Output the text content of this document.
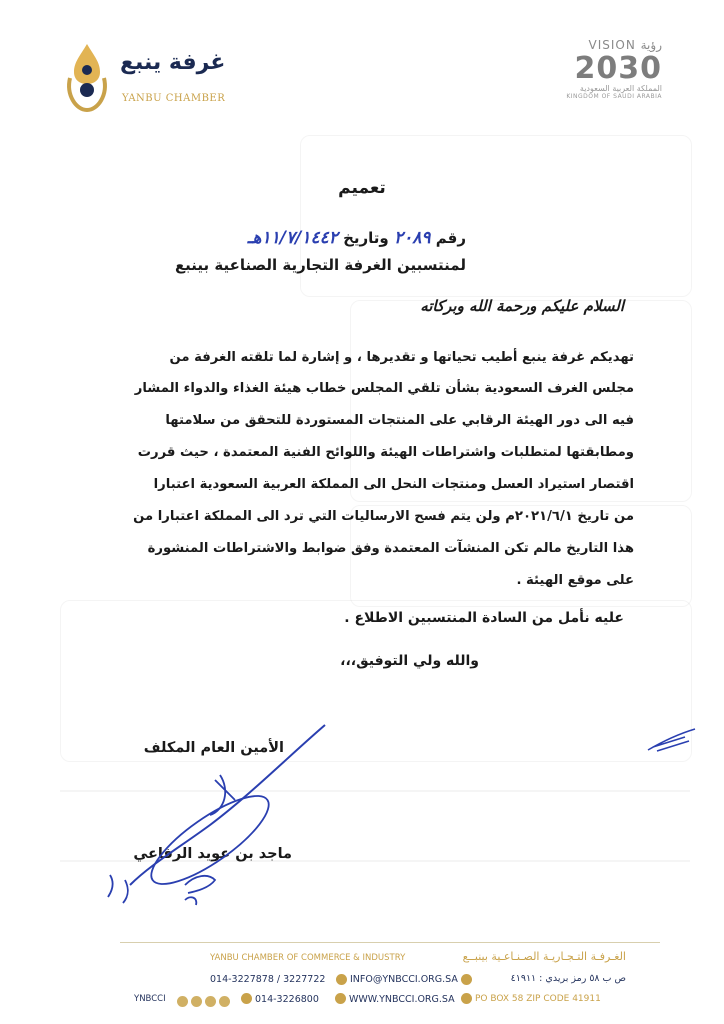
غرفة ينبع
YANBU CHAMBER
VISION رؤية
2030
المملكة العربية السعودية
KINGDOM OF SAUDI ARABIA
تعميم
رقم ٢٠٨٩ وتاريخ ١١/٧/١٤٤٢هـ
لمنتسبين الغرفة التجارية الصناعية بينبع
السلام عليكم ورحمة الله وبركاته
تهديكم غرفة ينبع أطيب تحياتها و تقديرها ، و إشارة لما تلقته الغرفة من
مجلس الغرف السعودية بشأن تلقي المجلس خطاب هيئة الغذاء والدواء المشار
فيه الى دور الهيئة الرقابي على المنتجات المستوردة للتحقق من سلامتها
ومطابقتها لمتطلبات واشتراطات الهيئة واللوائح الفنية المعتمدة ، حيث قررت
اقتصار استيراد العسل ومنتجات النحل الى المملكة العربية السعودية اعتبارا
من تاريخ ٢٠٢١/٦/١م ولن يتم فسح الارساليات التي ترد الى المملكة اعتبارا من
هذا التاريخ مالم تكن المنشآت المعتمدة وفق ضوابط والاشتراطات المنشورة
على موقع الهيئة .
عليه نأمل من السادة المنتسبين الاطلاع .
والله ولي التوفيق،،،
الأمين العام المكلف
ماجد بن عويد الرفاعي
YANBU CHAMBER OF COMMERCE & INDUSTRY	الغـرفـة التـجـاريـة الصـنـاعـية بينبــع
014-3227878 / 3227722	INFO@YNBCCI.ORG.SA	ص ب ٥٨ رمز بريدي : ٤١٩١١
YNBCCI	014-3226800	WWW.YNBCCI.ORG.SA PO BOX 58 ZIP CODE 41911
